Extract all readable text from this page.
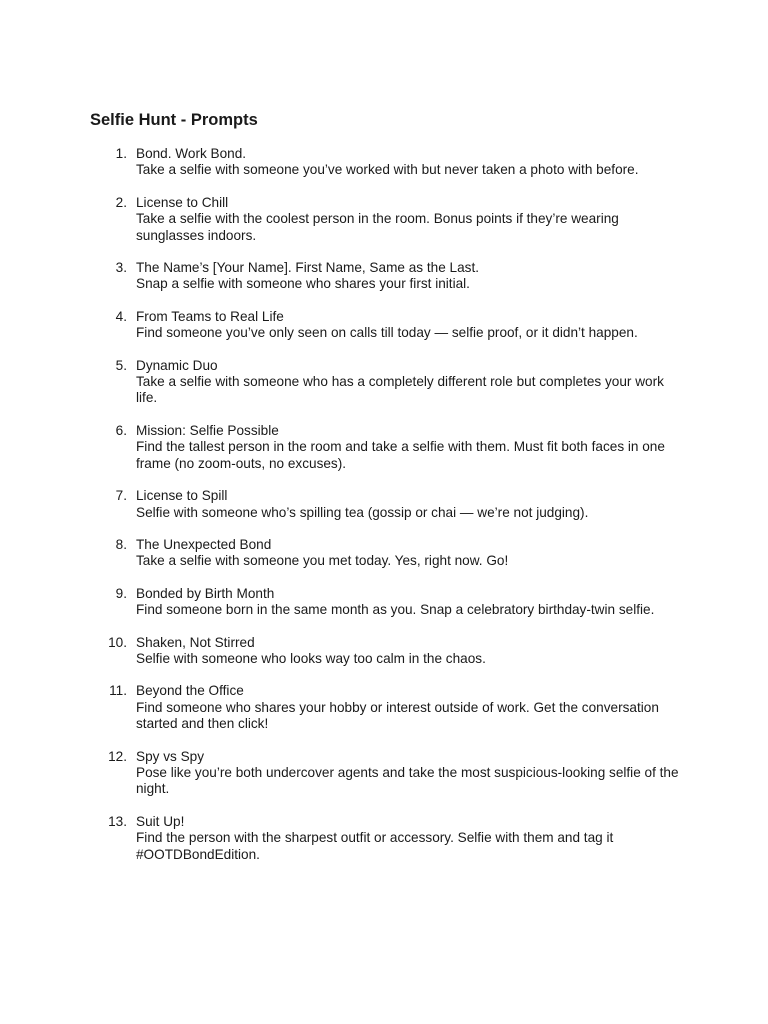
Selfie Hunt - Prompts
1. Bond. Work Bond.
Take a selfie with someone you’ve worked with but never taken a photo with before.
2. License to Chill
Take a selfie with the coolest person in the room. Bonus points if they’re wearing sunglasses indoors.
3. The Name’s [Your Name]. First Name, Same as the Last.
Snap a selfie with someone who shares your first initial.
4. From Teams to Real Life
Find someone you’ve only seen on calls till today — selfie proof, or it didn’t happen.
5. Dynamic Duo
Take a selfie with someone who has a completely different role but completes your work life.
6. Mission: Selfie Possible
Find the tallest person in the room and take a selfie with them. Must fit both faces in one frame (no zoom-outs, no excuses).
7. License to Spill
Selfie with someone who’s spilling tea (gossip or chai — we’re not judging).
8. The Unexpected Bond
Take a selfie with someone you met today. Yes, right now. Go!
9. Bonded by Birth Month
Find someone born in the same month as you. Snap a celebratory birthday-twin selfie.
10. Shaken, Not Stirred
Selfie with someone who looks way too calm in the chaos.
11. Beyond the Office
Find someone who shares your hobby or interest outside of work. Get the conversation started and then click!
12. Spy vs Spy
Pose like you’re both undercover agents and take the most suspicious-looking selfie of the night.
13. Suit Up!
Find the person with the sharpest outfit or accessory. Selfie with them and tag it #OOTDBondEdition.
